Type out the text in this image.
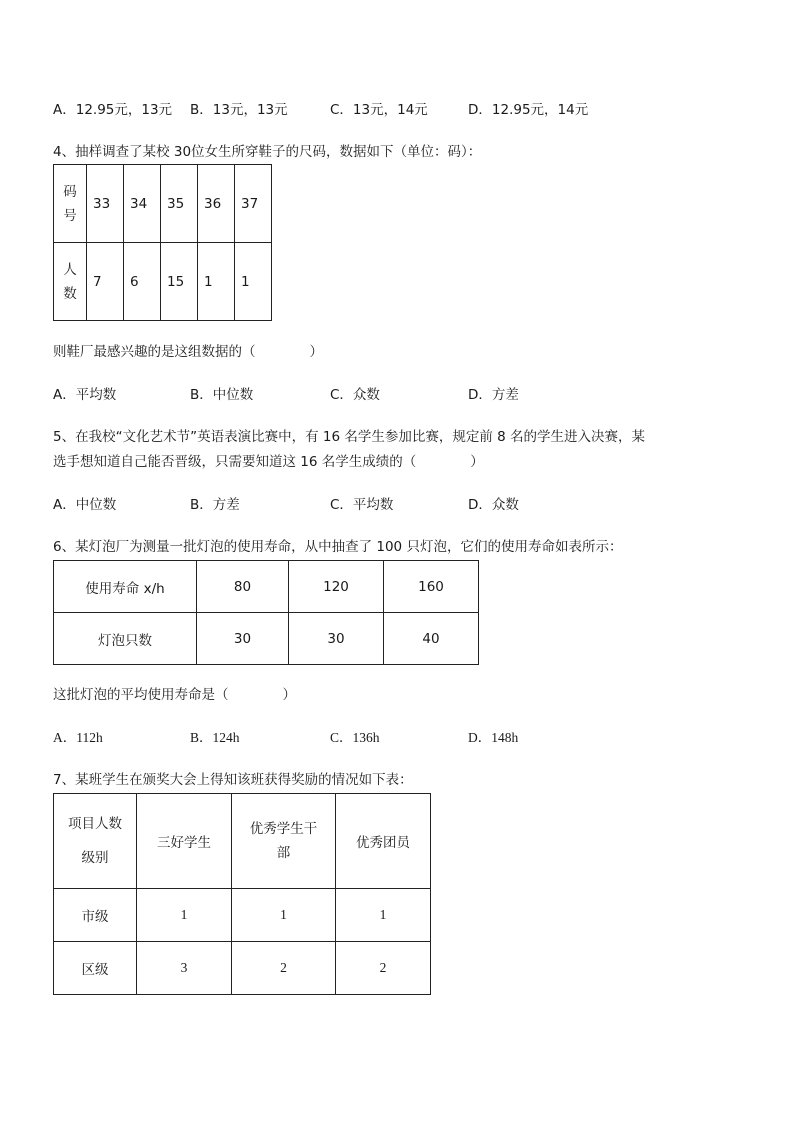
A．12.95元，13元 B．13元，13元	C．13元，14元	D．12.95元，14元
4、抽样调查了某校 30位女生所穿鞋子的尺码，数据如下（单位：码）：
码
号	33	34	35	36	37
人
数	7	6	15	1	1
则鞋厂最感兴趣的是这组数据的（　　　　）
A．平均数	B．中位数	C．众数	D．方差
5、在我校“文化艺术节”英语表演比赛中，有 16 名学生参加比赛，规定前 8 名的学生进入决赛，某
选手想知道自己能否晋级，只需要知道这 16 名学生成绩的（　　　　）
A．中位数	B．方差	C．平均数	D．众数
6、某灯泡厂为测量一批灯泡的使用寿命，从中抽查了 100 只灯泡，它们的使用寿命如表所示：
使用寿命 x/h	80	120	160
灯泡只数	30	30	40
这批灯泡的平均使用寿命是（　　　　）
A．112h	B．124h	C．136h	D．148h
7、某班学生在颁奖大会上得知该班获得奖励的情况如下表：
项目人数
级别	三好学生	优秀学生干部	优秀团员
市级	1	1	1
区级	3	2	2
